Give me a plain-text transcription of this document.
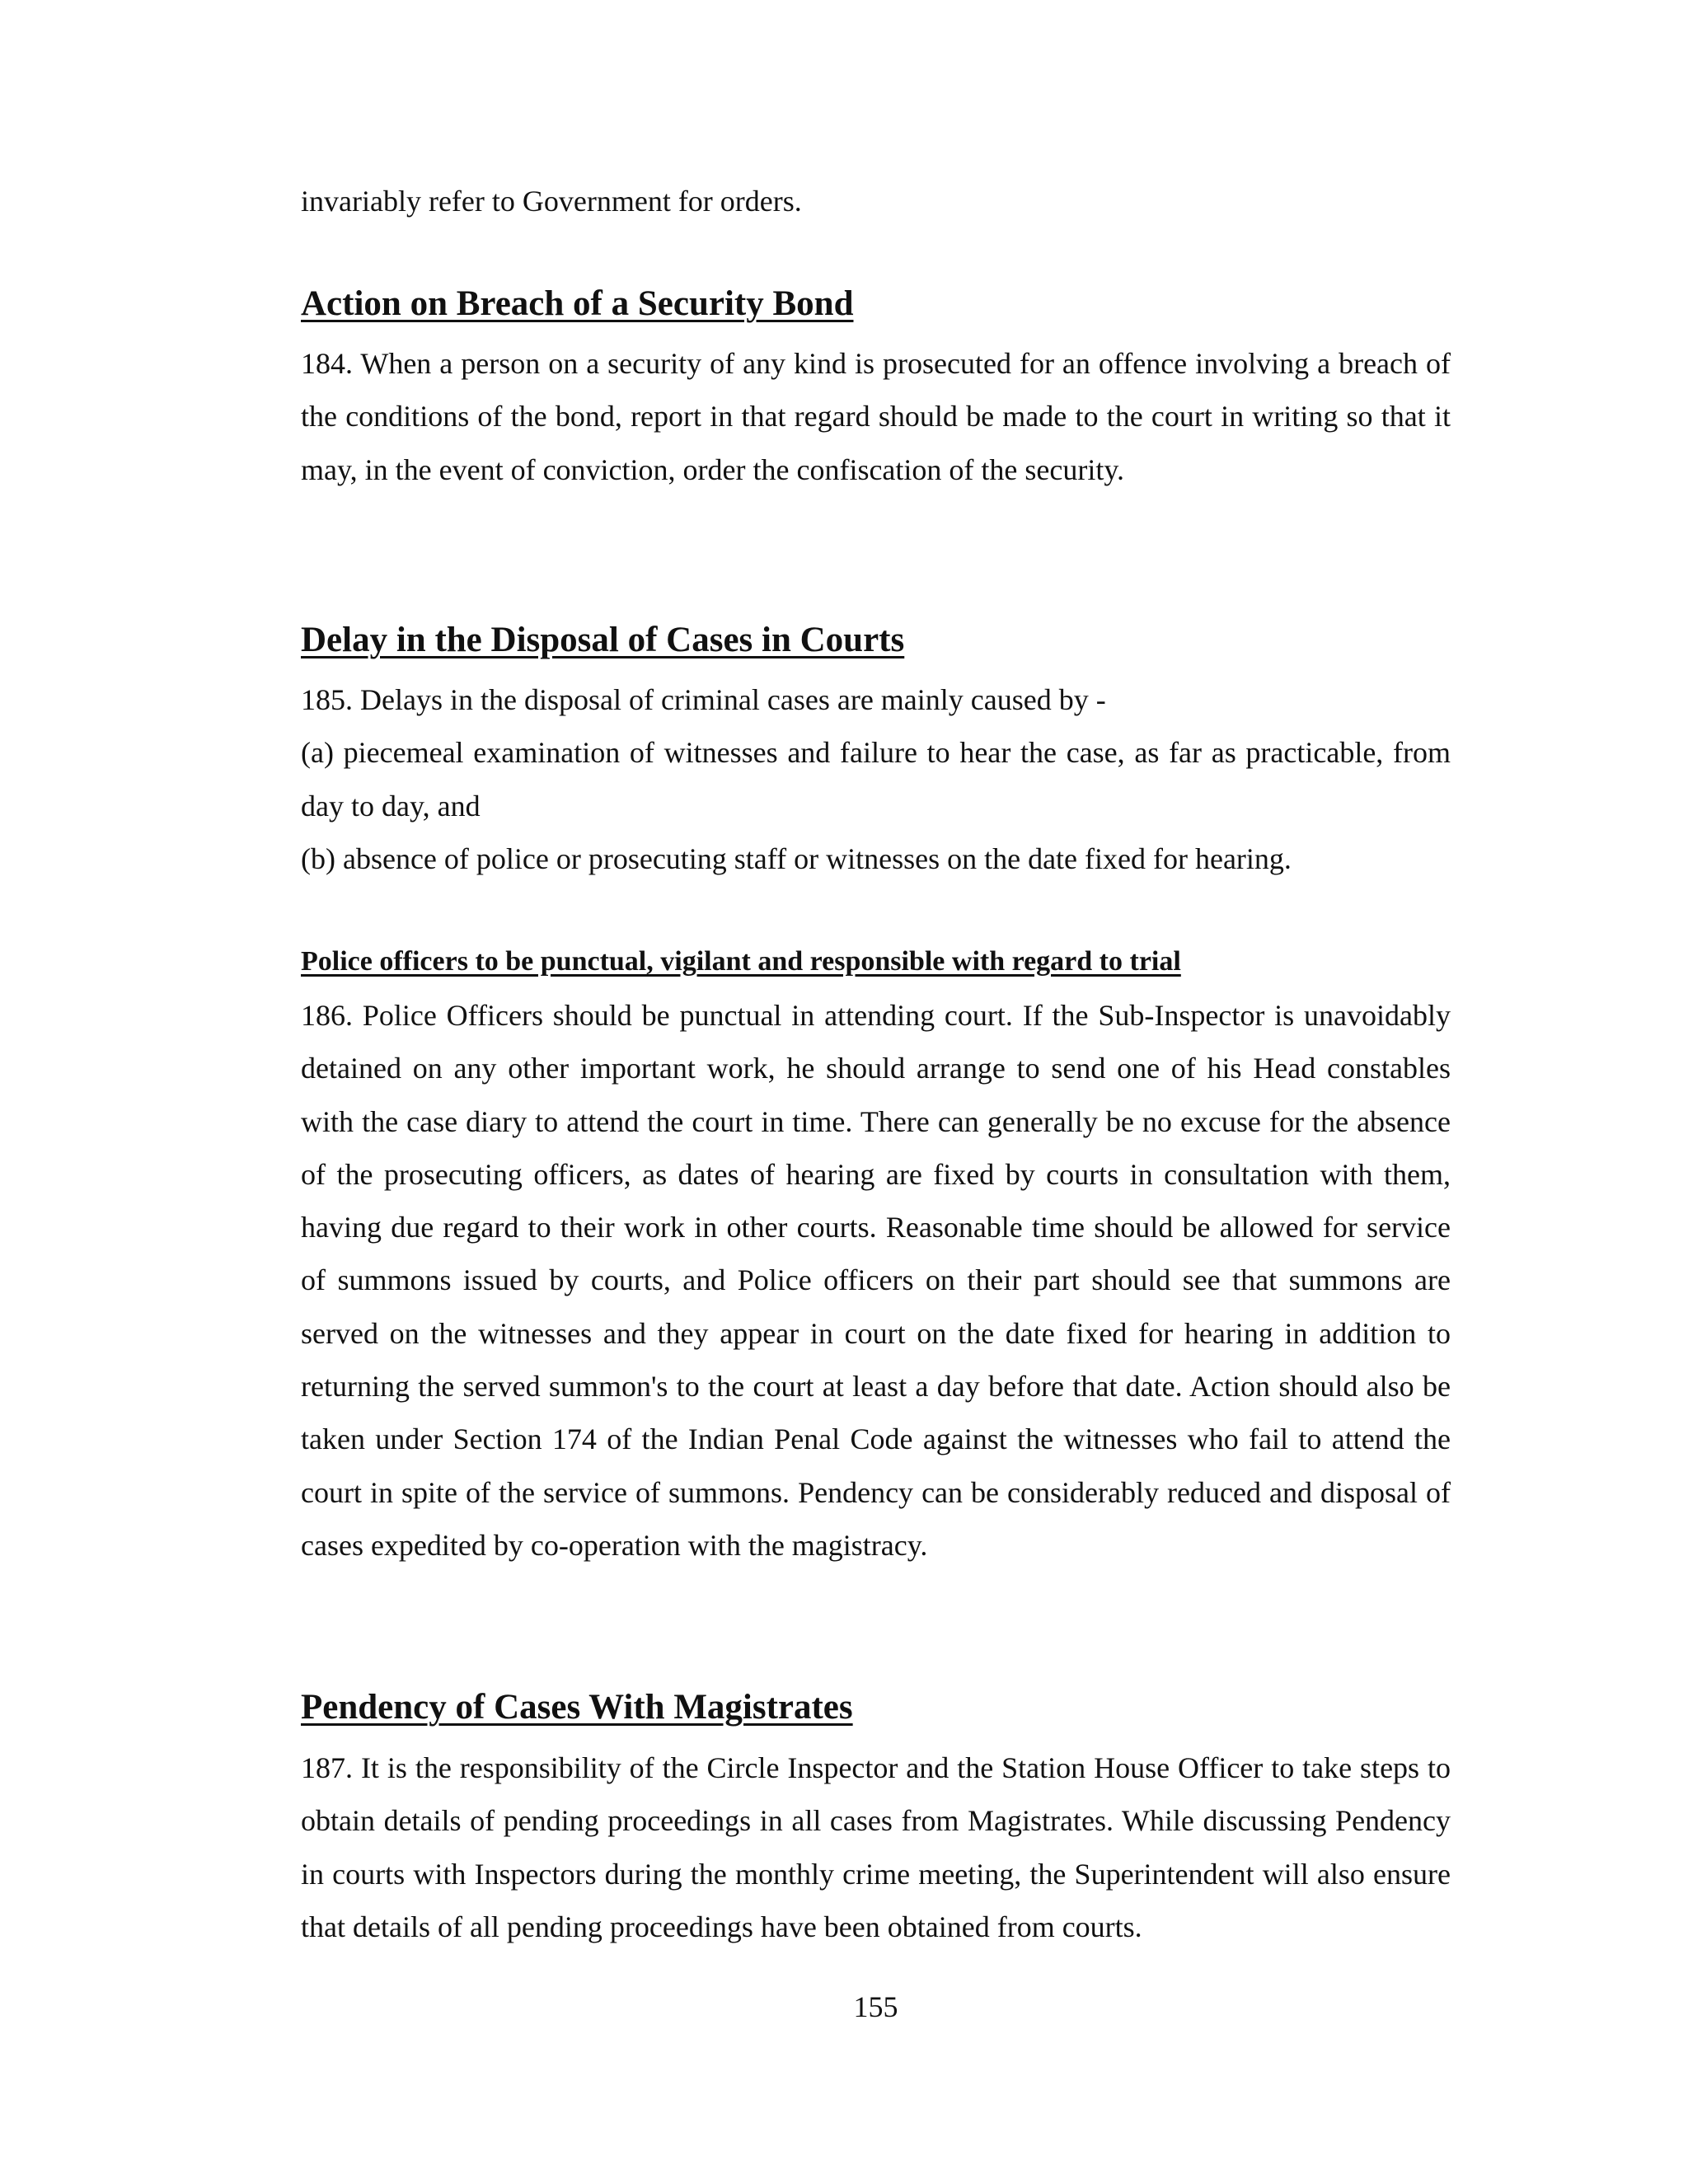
invariably refer to Government for orders.

Action on Breach of a Security Bond

184. When a person on a security of any kind is prosecuted for an offence involving a breach of the conditions of the bond, report in that regard should be made to the court in writing so that it may, in the event of conviction, order the confiscation of the security.

Delay in the Disposal of Cases in Courts

185. Delays in the disposal of criminal cases are mainly caused by -

(a) piecemeal examination of witnesses and failure to hear the case, as far as practicable, from day to day, and

(b) absence of police or prosecuting staff or witnesses on the date fixed for hearing.

Police officers to be punctual, vigilant and responsible with regard to trial

186. Police Officers should be punctual in attending court. If the Sub-Inspector is unavoidably detained on any other important work, he should arrange to send one of his Head constables with the case diary to attend the court in time. There can generally be no excuse for the absence of the prosecuting officers, as dates of hearing are fixed by courts in consultation with them, having due regard to their work in other courts. Reasonable time should be allowed for service of summons issued by courts, and Police officers on their part should see that summons are served on the witnesses and they appear in court on the date fixed for hearing in addition to returning the served summon's to the court at least a day before that date. Action should also be taken under Section 174 of the Indian Penal Code against the witnesses who fail to attend the court in spite of the service of summons. Pendency can be considerably reduced and disposal of cases expedited by co-operation with the magistracy.

Pendency of Cases With Magistrates

187. It is the responsibility of the Circle Inspector and the Station House Officer to take steps to obtain details of pending proceedings in all cases from Magistrates. While discussing Pendency in courts with Inspectors during the monthly crime meeting, the Superintendent will also ensure that details of all pending proceedings have been obtained from courts.

155
